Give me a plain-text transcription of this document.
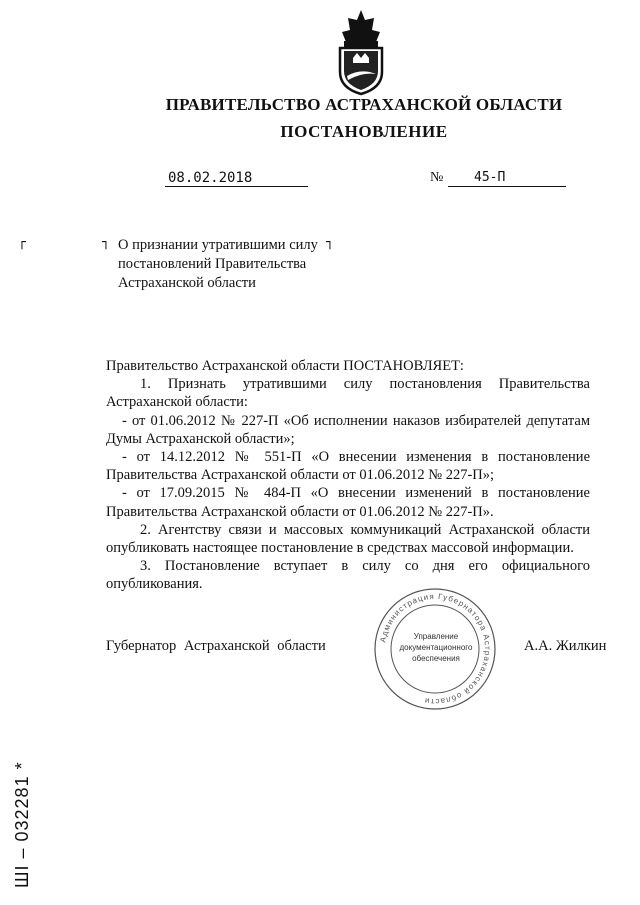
ПРАВИТЕЛЬСТВО АСТРАХАНСКОЙ ОБЛАСТИ
ПОСТАНОВЛЕНИЕ
08.02.2018	№	45-П
┌	┐	┐
О признании утратившими силу
постановлений Правительства
Астраханской области

Правительство Астраханской области ПОСТАНОВЛЯЕТ:

1. Признать утратившими силу постановления Правительства Астраханской области:

- от 01.06.2012 № 227-П «Об исполнении наказов избирателей депутатам Думы Астраханской области»;

- от 14.12.2012 № 551-П «О внесении изменения в постановление Правительства Астраханской области от 01.06.2012 № 227-П»;

- от 17.09.2015 № 484-П «О внесении изменений в постановление Правительства Астраханской области от 01.06.2012 № 227-П».

2. Агентству связи и массовых коммуникаций Астраханской области опубликовать настоящее постановление в средствах массовой информации.

3. Постановление вступает в силу со дня его официального опубликования.

Администрация Губернатора Астраханской области
Управление
документационного
обеспечения
Губернатор Астраханской области	А.А. Жилкин
ШI – 032281 *
